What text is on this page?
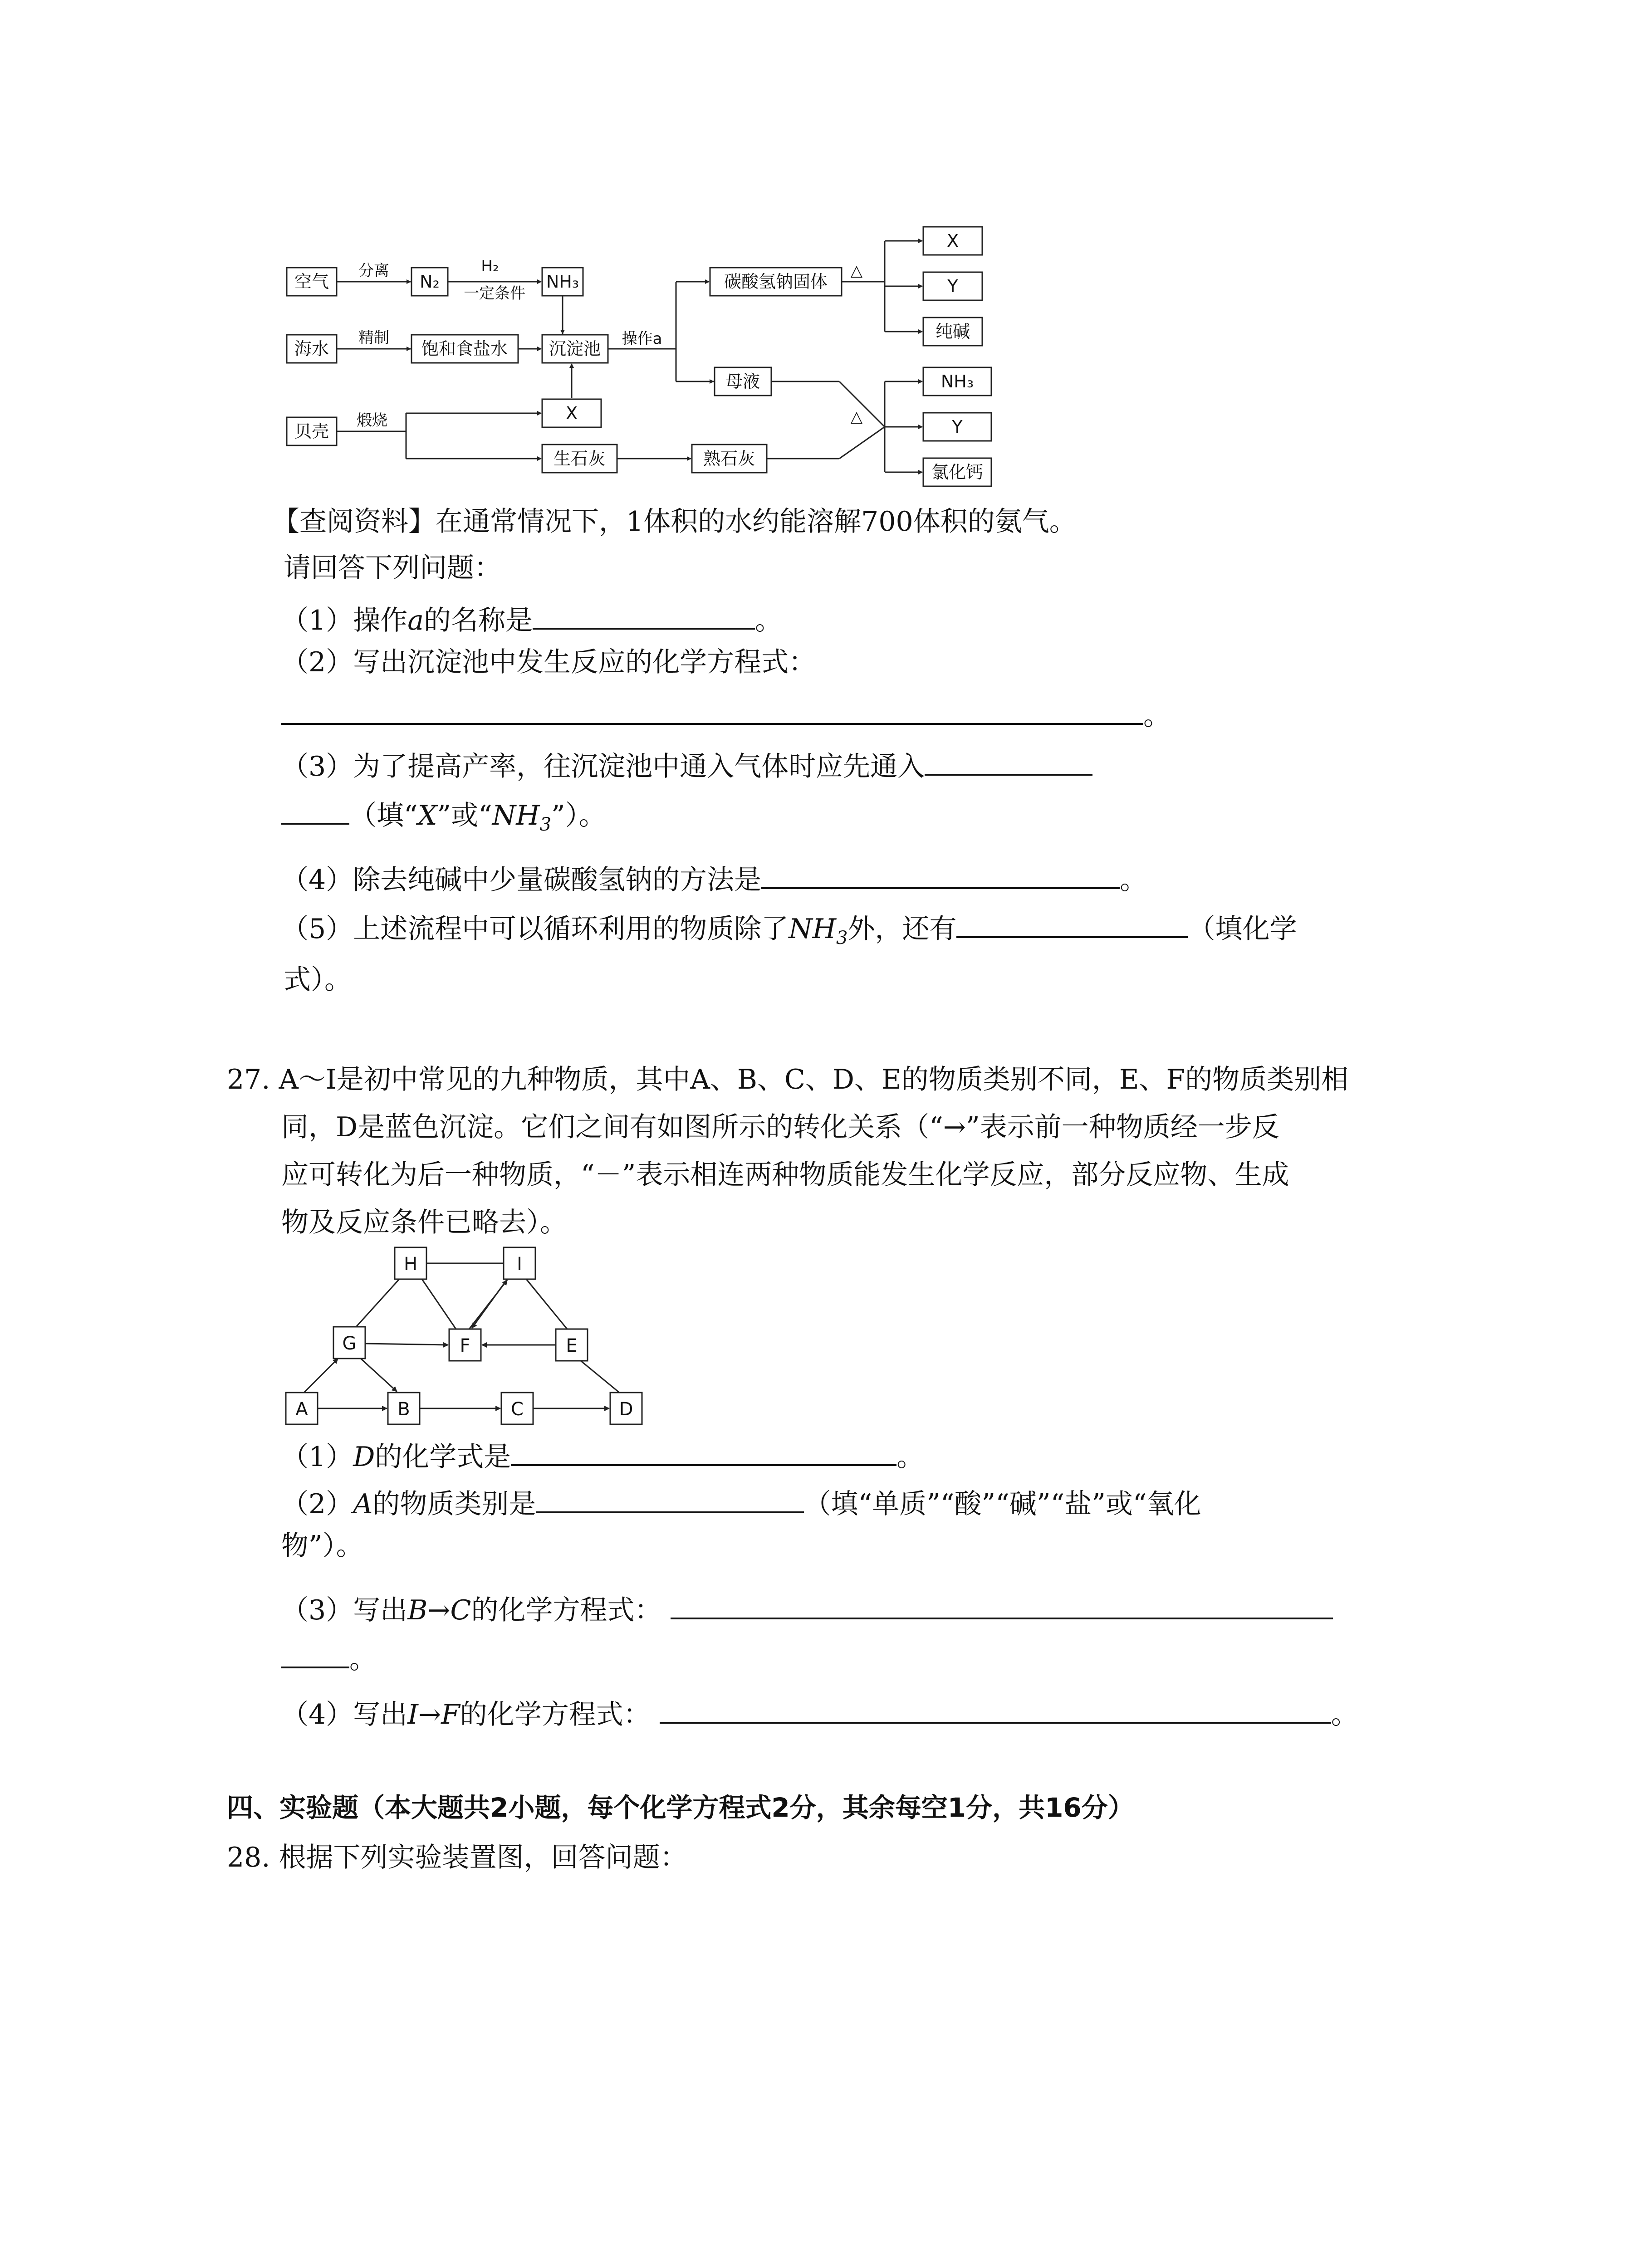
空气	N₂	NH₃
海水	饱和食盐水 沉淀池
贝壳
X
生石灰	熟石灰
碳酸氢钠固体
母液
X
Y
纯碱
NH₃
Y
氯化钙
分离	H₂
一定条件
精制	操作a
煅烧
△
△
【查阅资料】在通常情况下，1体积的水约能溶解700体积的氨气。
请回答下列问题：
（1）操作a的名称是	。
（2）写出沉淀池中发生反应的化学方程式：
。
（3）为了提高产率，往沉淀池中通入气体时应先通入
（填“X”或“$NH_3$”）。
（4）除去纯碱中少量碳酸氢钠的方法是	。
（5）上述流程中可以循环利用的物质除了$NH_3$外，还有	（填化学
式）。
27. A～I是初中常见的九种物质，其中A、B、C、D、E的物质类别不同，E、F的物质类别相
同，D是蓝色沉淀。它们之间有如图所示的转化关系（“→”表示前一种物质经一步反
应可转化为后一种物质，“－”表示相连两种物质能发生化学反应，部分反应物、生成
物及反应条件已略去）。
H	I
G	F	E
A	B	C	D
（1）D的化学式是	。
（2）A的物质类别是	（填“单质”“酸”“碱”“盐”或“氧化
物”）。
（3）写出B→C的化学方程式：
。
（4）写出I→F的化学方程式：	。
四、实验题（本大题共2小题，每个化学方程式2分，其余每空1分，共16分）
28. 根据下列实验装置图，回答问题：
